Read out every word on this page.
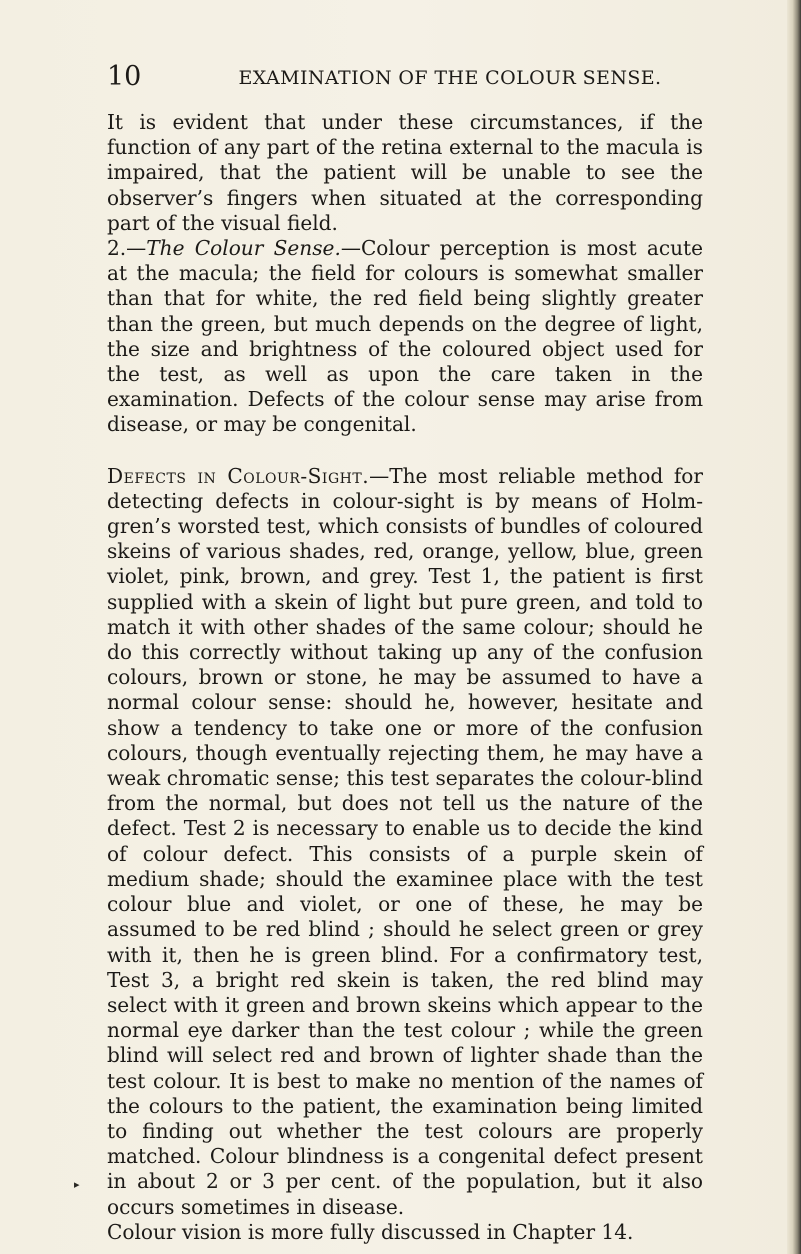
10	EXAMINATION OF THE COLOUR SENSE.

It is evident that under these circumstances, if the function of any part of the retina external to the macula is impaired, that the patient will be unable to see the observer’s fingers when situated at the corresponding part of the visual field.

2.—The Colour Sense.—Colour perception is most acute at the macula; the field for colours is somewhat smaller than that for white, the red field being slightly greater than the green, but much depends on the degree of light, the size and brightness of the coloured object used for the test, as well as upon the care taken in the examination. Defects of the colour sense may arise from disease, or may be congenital.

Defects in Colour-Sight.—The most reliable method for detecting defects in colour-sight is by means of Holmgren’s worsted test, which consists of bundles of coloured skeins of various shades, red, orange, yellow, blue, green violet, pink, brown, and grey. Test 1, the patient is first supplied with a skein of light but pure green, and told to match it with other shades of the same colour; should he do this correctly without taking up any of the confusion colours, brown or stone, he may be assumed to have a normal colour sense: should he, however, hesitate and show a tendency to take one or more of the confusion colours, though eventually rejecting them, he may have a weak chromatic sense; this test separates the colour-blind from the normal, but does not tell us the nature of the defect. Test 2 is necessary to enable us to decide the kind of colour defect. This consists of a purple skein of medium shade; should the examinee place with the test colour blue and violet, or one of these, he may be assumed to be red blind ; should he select green or grey with it, then he is green blind. For a confirmatory test, Test 3, a bright red skein is taken, the red blind may select with it green and brown skeins which appear to the normal eye darker than the test colour ; while the green blind will select red and brown of lighter shade than the test colour. It is best to make no mention of the names of the colours to the patient, the examination being limited to finding out whether the test colours are properly matched. Colour blindness is a congenital defect present in about 2 or 3 per cent. of the population, but it also occurs sometimes in disease.

Colour vision is more fully discussed in Chapter 14.

▸
